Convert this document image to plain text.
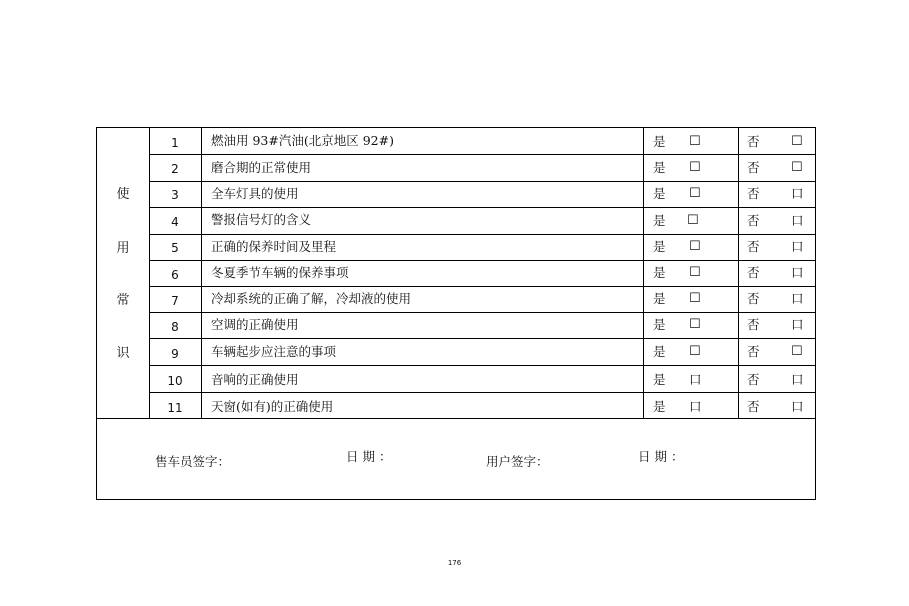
使
用
常
识
1	燃油用 93#汽油(北京地区 92#)	是 ☐	否 ☐
2	磨合期的正常使用	是 ☐	否 ☐
3	全车灯具的使用	是 ☐	否	口
4	警报信号灯的含义	是 ☐	否	口
5	正确的保养时间及里程	是 ☐	否	口
6	冬夏季节车辆的保养事项	是 ☐	否	口
7	冷却系统的正确了解，冷却液的使用	是 ☐	否	口
8	空调的正确使用	是 ☐	否	口
9	车辆起步应注意的事项	是 ☐	否 ☐
10	音响的正确使用	是 口	否	口
11	天窗(如有)的正确使用	是 口	否	口
售车员签字：	日 期 ：	用户签字：	日 期 ：
176
